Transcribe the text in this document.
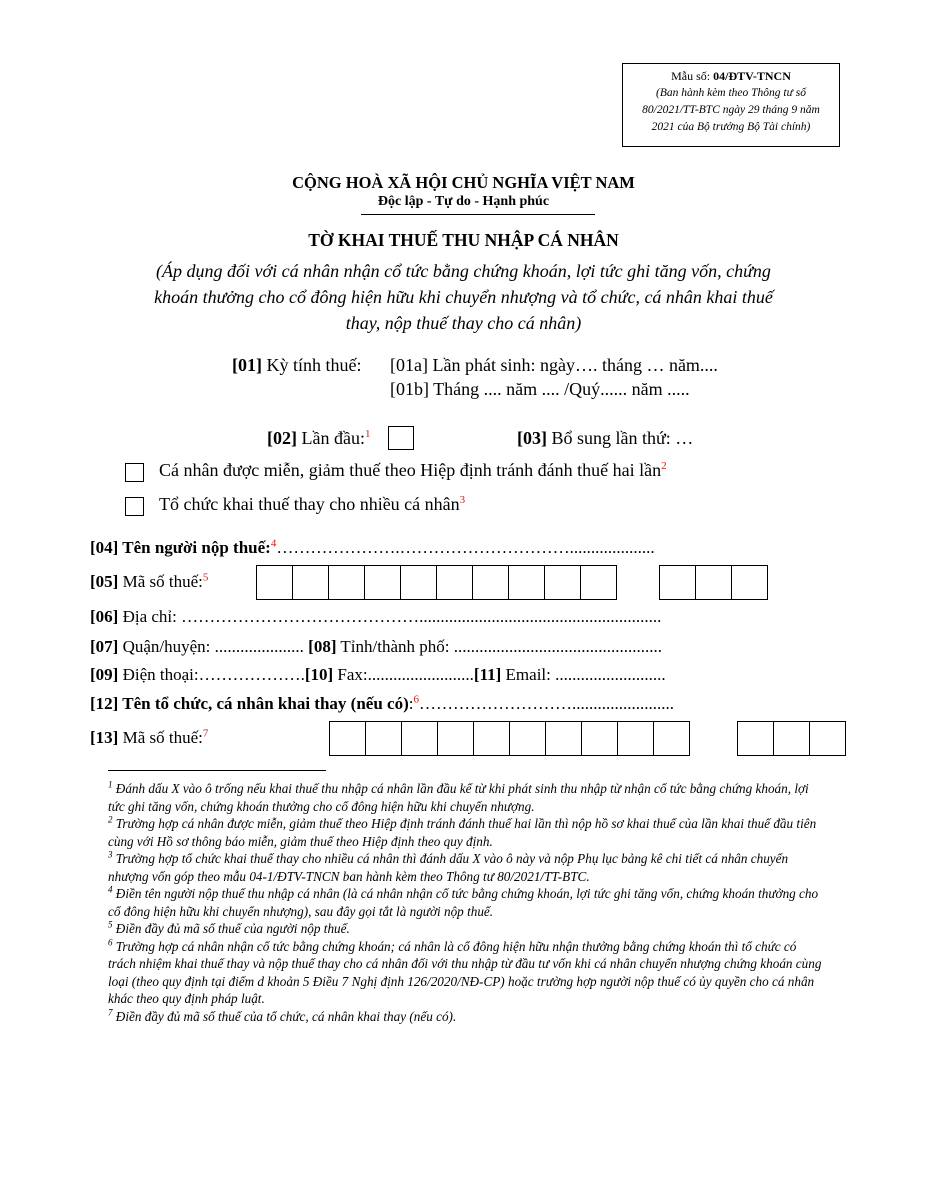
Mẫu số: 04/ĐTV-TNCN
(Ban hành kèm theo Thông tư số
80/2021/TT-BTC ngày 29 tháng 9 năm
2021 của Bộ trưởng Bộ Tài chính)
CỘNG HOÀ XÃ HỘI CHỦ NGHĨA VIỆT NAM
Độc lập - Tự do - Hạnh phúc
TỜ KHAI THUẾ THU NHẬP CÁ NHÂN
(Áp dụng đối với cá nhân nhận cổ tức bằng chứng khoán, lợi tức ghi tăng vốn, chứng
khoán thưởng cho cổ đông hiện hữu khi chuyển nhượng và tổ chức, cá nhân khai thuế
thay, nộp thuế thay cho cá nhân)
[01] Kỳ tính thuế: [01a] Lần phát sinh: ngày…. tháng … năm....
[01b] Tháng .... năm .... /Quý...... năm .....
[02] Lần đầu:$^1$	[03] Bổ sung lần thứ: …
Cá nhân được miễn, giảm thuế theo Hiệp định tránh đánh thuế hai lần$^2$
Tổ chức khai thuế thay cho nhiều cá nhân$^3$
[04] Tên người nộp thuế:$^4$………………….…………………………....................
[05] Mã số thuế:$^5$
[06] Địa chỉ: …………………………………….........................................................
[07] Quận/huyện: ..................... [08] Tỉnh/thành phố: .................................................
[09] Điện thoại:……………….[10] Fax:.........................[11] Email: ..........................
[12] Tên tổ chức, cá nhân khai thay (nếu có):$^6$………………………........................
[13] Mã số thuế:$^7$

$^1$ Đánh dấu X vào ô trống nếu khai thuế thu nhập cá nhân lần đầu kể từ khi phát sinh thu nhập từ nhận cổ tức bằng chứng khoán, lợi tức ghi tăng vốn, chứng khoán thưởng cho cổ đông hiện hữu khi chuyển nhượng.

$^2$ Trường hợp cá nhân được miễn, giảm thuế theo Hiệp định tránh đánh thuế hai lần thì nộp hồ sơ khai thuế của lần khai thuế đầu tiên cùng với Hồ sơ thông báo miễn, giảm thuế theo Hiệp định theo quy định.

$^3$ Trường hợp tổ chức khai thuế thay cho nhiều cá nhân thì đánh dấu X vào ô này và nộp Phụ lục bảng kê chi tiết cá nhân chuyển nhượng vốn góp theo mẫu 04-1/ĐTV-TNCN ban hành kèm theo Thông tư 80/2021/TT-BTC.

$^4$ Điền tên người nộp thuế thu nhập cá nhân (là cá nhân nhận cổ tức bằng chứng khoán, lợi tức ghi tăng vốn, chứng khoán thưởng cho cổ đông hiện hữu khi chuyển nhượng), sau đây gọi tắt là người nộp thuế.

$^5$ Điền đầy đủ mã số thuế của người nộp thuế.

$^6$ Trường hợp cá nhân nhận cổ tức bằng chứng khoán; cá nhân là cổ đông hiện hữu nhận thưởng bằng chứng khoán thì tổ chức có trách nhiệm khai thuế thay và nộp thuế thay cho cá nhân đối với thu nhập từ đầu tư vốn khi cá nhân chuyển nhượng chứng khoán cùng loại (theo quy định tại điểm d khoản 5 Điều 7 Nghị định 126/2020/NĐ-CP) hoặc trường hợp người nộp thuế có ủy quyền cho cá nhân khác theo quy định pháp luật.

$^7$ Điền đầy đủ mã số thuế của tổ chức, cá nhân khai thay (nếu có).
